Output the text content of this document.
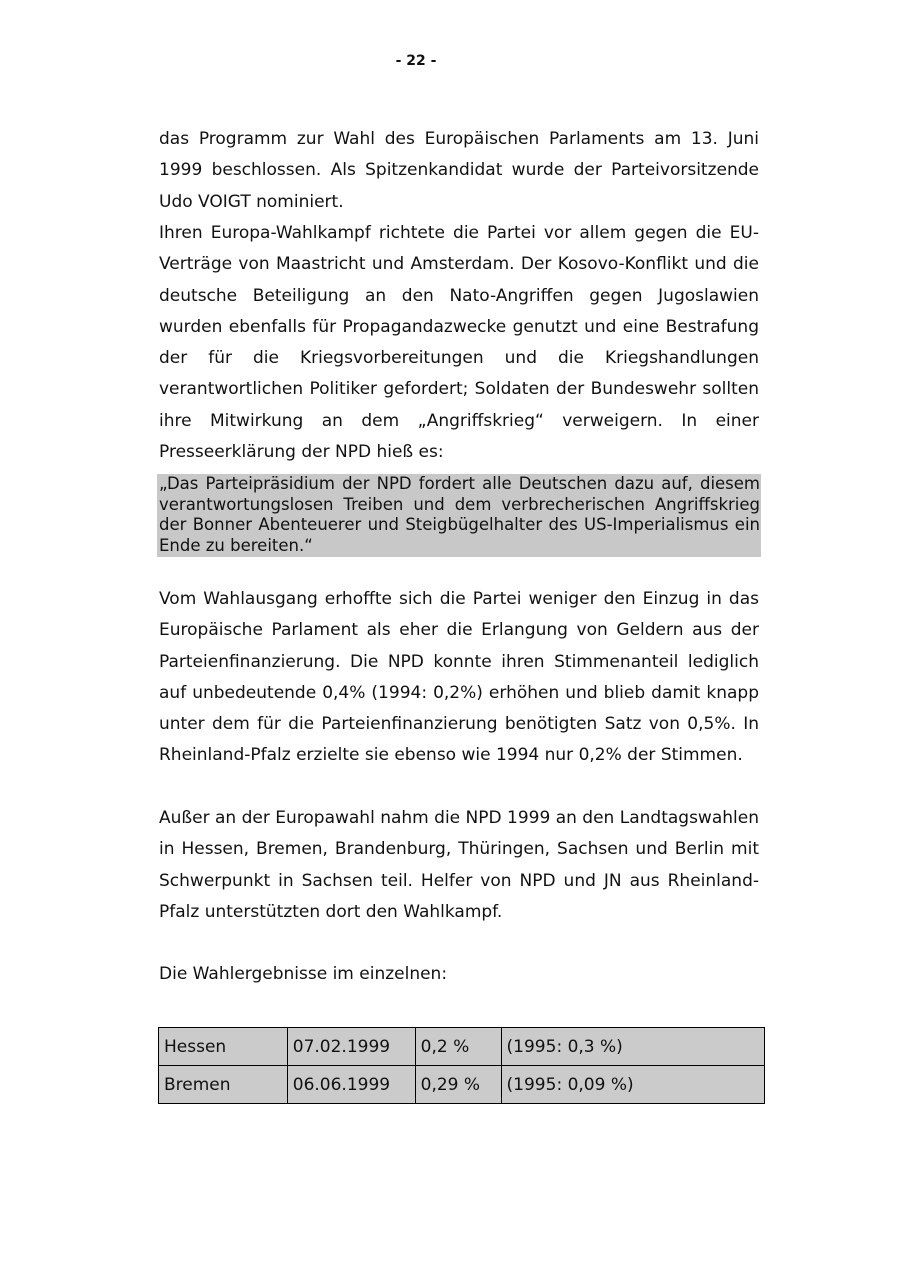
- 22 -

das Programm zur Wahl des Europäischen Parlaments am 13. Juni 1999 beschlossen. Als Spitzenkandidat wurde der Parteivorsitzende Udo VOIGT nominiert.

Ihren Europa-Wahlkampf richtete die Partei vor allem gegen die EU-Verträge von Maastricht und Amsterdam. Der Kosovo-Konflikt und die deutsche Beteiligung an den Nato-Angriffen gegen Jugoslawien wurden ebenfalls für Propagandazwecke genutzt und eine Bestrafung der für die Kriegsvorbereitungen und die Kriegshandlungen verantwortlichen Politiker gefordert; Soldaten der Bundeswehr sollten ihre Mitwirkung an dem „Angriffskrieg“ verweigern. In einer Presseerklärung der NPD hieß es:

„Das Parteipräsidium der NPD fordert alle Deutschen dazu auf, diesem verantwortungslosen Treiben und dem verbrecherischen Angriffskrieg der Bonner Abenteuerer und Steigbügelhalter des US-Imperialismus ein Ende zu bereiten.“

Vom Wahlausgang erhoffte sich die Partei weniger den Einzug in das Europäische Parlament als eher die Erlangung von Geldern aus der Parteienfinanzierung. Die NPD konnte ihren Stimmenanteil lediglich auf unbedeutende 0,4% (1994: 0,2%) erhöhen und blieb damit knapp unter dem für die Parteienfinanzierung benötigten Satz von 0,5%. In Rheinland-Pfalz erzielte sie ebenso wie 1994 nur 0,2% der Stimmen.

Außer an der Europawahl nahm die NPD 1999 an den Landtagswahlen in Hessen, Bremen, Brandenburg, Thüringen, Sachsen und Berlin mit Schwerpunkt in Sachsen teil. Helfer von NPD und JN aus Rheinland-Pfalz unterstützten dort den Wahlkampf.

Die Wahlergebnisse im einzelnen:

Hessen	07.02.1999	0,2 %	(1995: 0,3 %)
Bremen	06.06.1999	0,29 %	(1995: 0,09 %)
